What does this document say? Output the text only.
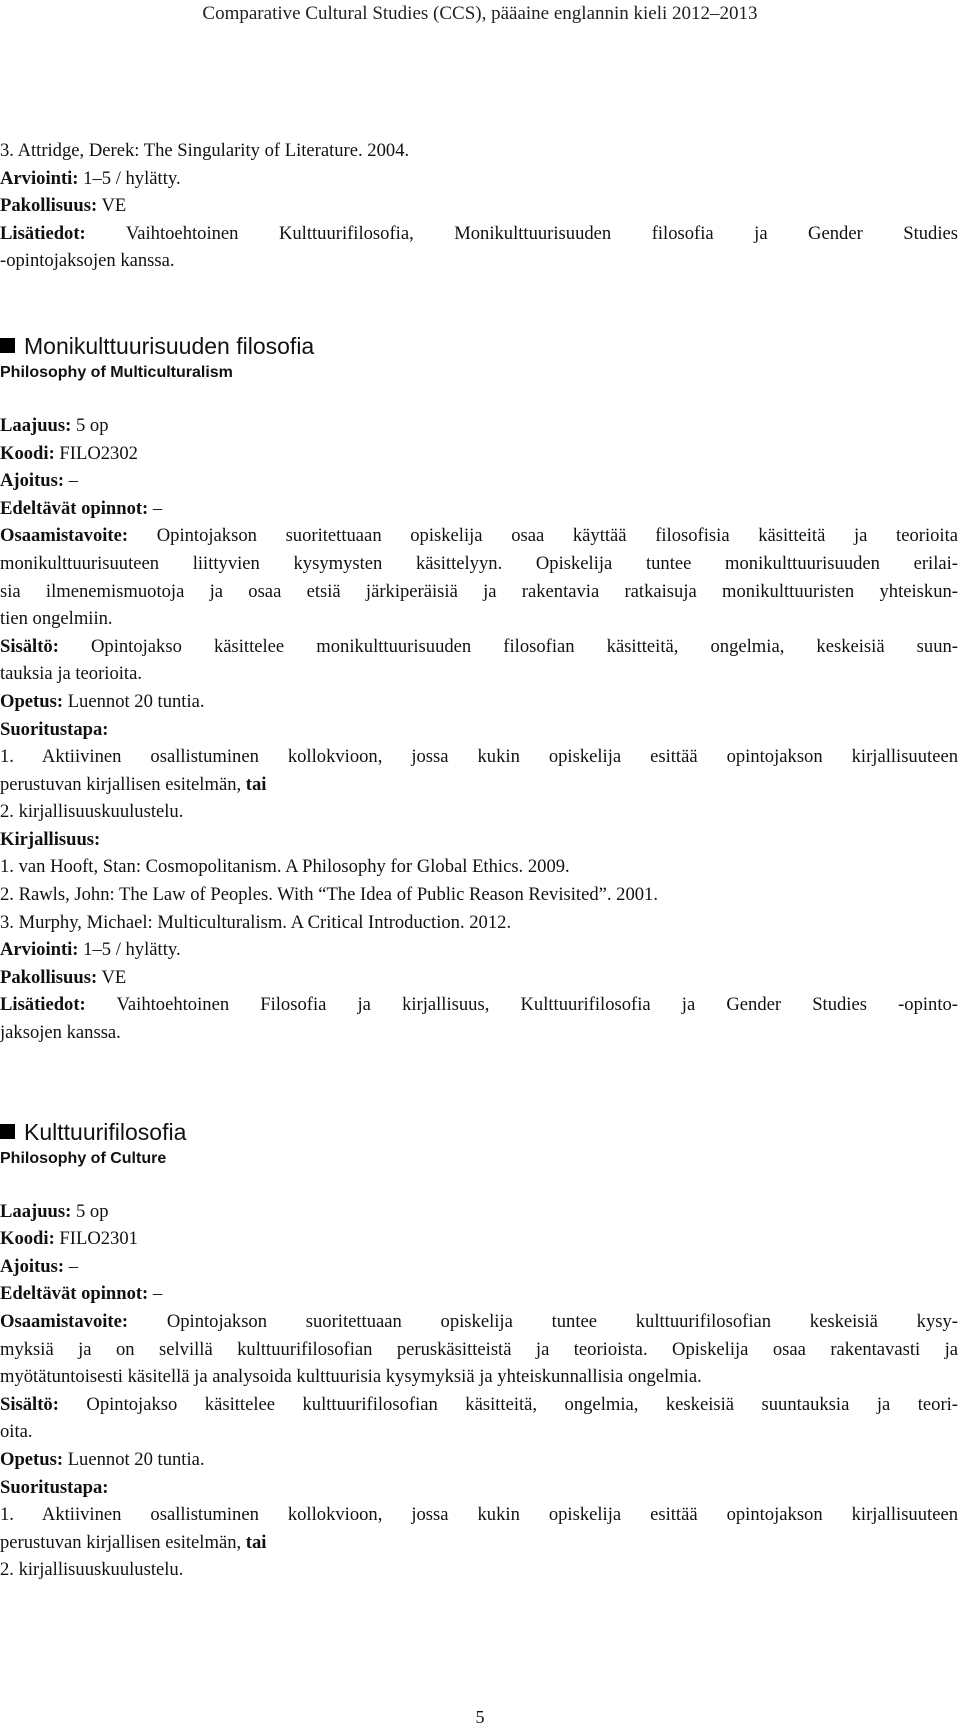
Comparative Cultural Studies (CCS), pääaine englannin kieli 2012–2013
3. Attridge, Derek: The Singularity of Literature. 2004.
Arviointi: 1–5 / hylätty.
Pakollisuus: VE
Lisätiedot: Vaihtoehtoinen Kulttuurifilosofia, Monikulttuurisuuden filosofia ja Gender Studies
-opintojaksojen kanssa.
Monikulttuurisuuden filosofia
Philosophy of Multiculturalism
Laajuus: 5 op
Koodi: FILO2302
Ajoitus: –
Edeltävät opinnot: –
Osaamistavoite: Opintojakson suoritettuaan opiskelija osaa käyttää filosofisia käsitteitä ja teorioita
monikulttuurisuuteen liittyvien kysymysten käsittelyyn. Opiskelija tuntee monikulttuurisuuden erilai-
sia ilmenemismuotoja ja osaa etsiä järkiperäisiä ja rakentavia ratkaisuja monikulttuuristen yhteiskun-
tien ongelmiin.
Sisältö: Opintojakso käsittelee monikulttuurisuuden filosofian käsitteitä, ongelmia, keskeisiä suun-
tauksia ja teorioita.
Opetus: Luennot 20 tuntia.
Suoritustapa:
1. Aktiivinen osallistuminen kollokvioon, jossa kukin opiskelija esittää opintojakson kirjallisuuteen
perustuvan kirjallisen esitelmän, tai
2. kirjallisuuskuulustelu.
Kirjallisuus:
1. van Hooft, Stan: Cosmopolitanism. A Philosophy for Global Ethics. 2009.
2. Rawls, John: The Law of Peoples. With “The Idea of Public Reason Revisited”. 2001.
3. Murphy, Michael: Multiculturalism. A Critical Introduction. 2012.
Arviointi: 1–5 / hylätty.
Pakollisuus: VE
Lisätiedot: Vaihtoehtoinen Filosofia ja kirjallisuus, Kulttuurifilosofia ja Gender Studies -opinto-
jaksojen kanssa.
Kulttuurifilosofia
Philosophy of Culture
Laajuus: 5 op
Koodi: FILO2301
Ajoitus: –
Edeltävät opinnot: –
Osaamistavoite: Opintojakson suoritettuaan opiskelija tuntee kulttuurifilosofian keskeisiä kysy-
myksiä ja on selvillä kulttuurifilosofian peruskäsitteistä ja teorioista. Opiskelija osaa rakentavasti ja
myötätuntoisesti käsitellä ja analysoida kulttuurisia kysymyksiä ja yhteiskunnallisia ongelmia.
Sisältö: Opintojakso käsittelee kulttuurifilosofian käsitteitä, ongelmia, keskeisiä suuntauksia ja teori-
oita.
Opetus: Luennot 20 tuntia.
Suoritustapa:
1. Aktiivinen osallistuminen kollokvioon, jossa kukin opiskelija esittää opintojakson kirjallisuuteen
perustuvan kirjallisen esitelmän, tai
2. kirjallisuuskuulustelu.
5
